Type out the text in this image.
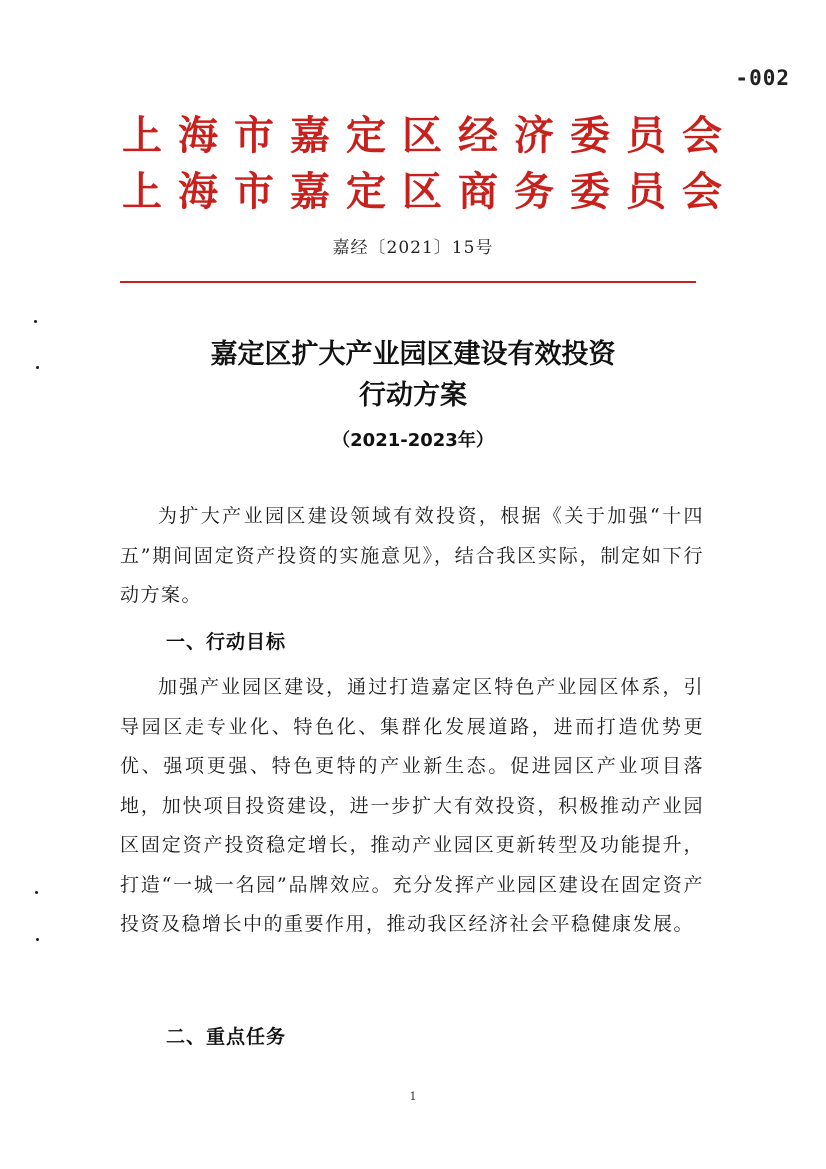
-002
上海市嘉定区经济委员会
上海市嘉定区商务委员会
嘉经〔2021〕15号
嘉定区扩大产业园区建设有效投资
行动方案
（2021-2023年）

为扩大产业园区建设领域有效投资，根据《关于加强“十四五”期间固定资产投资的实施意见》，结合我区实际，制定如下行动方案。

一、行动目标

加强产业园区建设，通过打造嘉定区特色产业园区体系，引导园区走专业化、特色化、集群化发展道路，进而打造优势更优、强项更强、特色更特的产业新生态。促进园区产业项目落地，加快项目投资建设，进一步扩大有效投资，积极推动产业园区固定资产投资稳定增长，推动产业园区更新转型及功能提升，打造“一城一名园”品牌效应。充分发挥产业园区建设在固定资产投资及稳增长中的重要作用，推动我区经济社会平稳健康发展。

二、重点任务
1
